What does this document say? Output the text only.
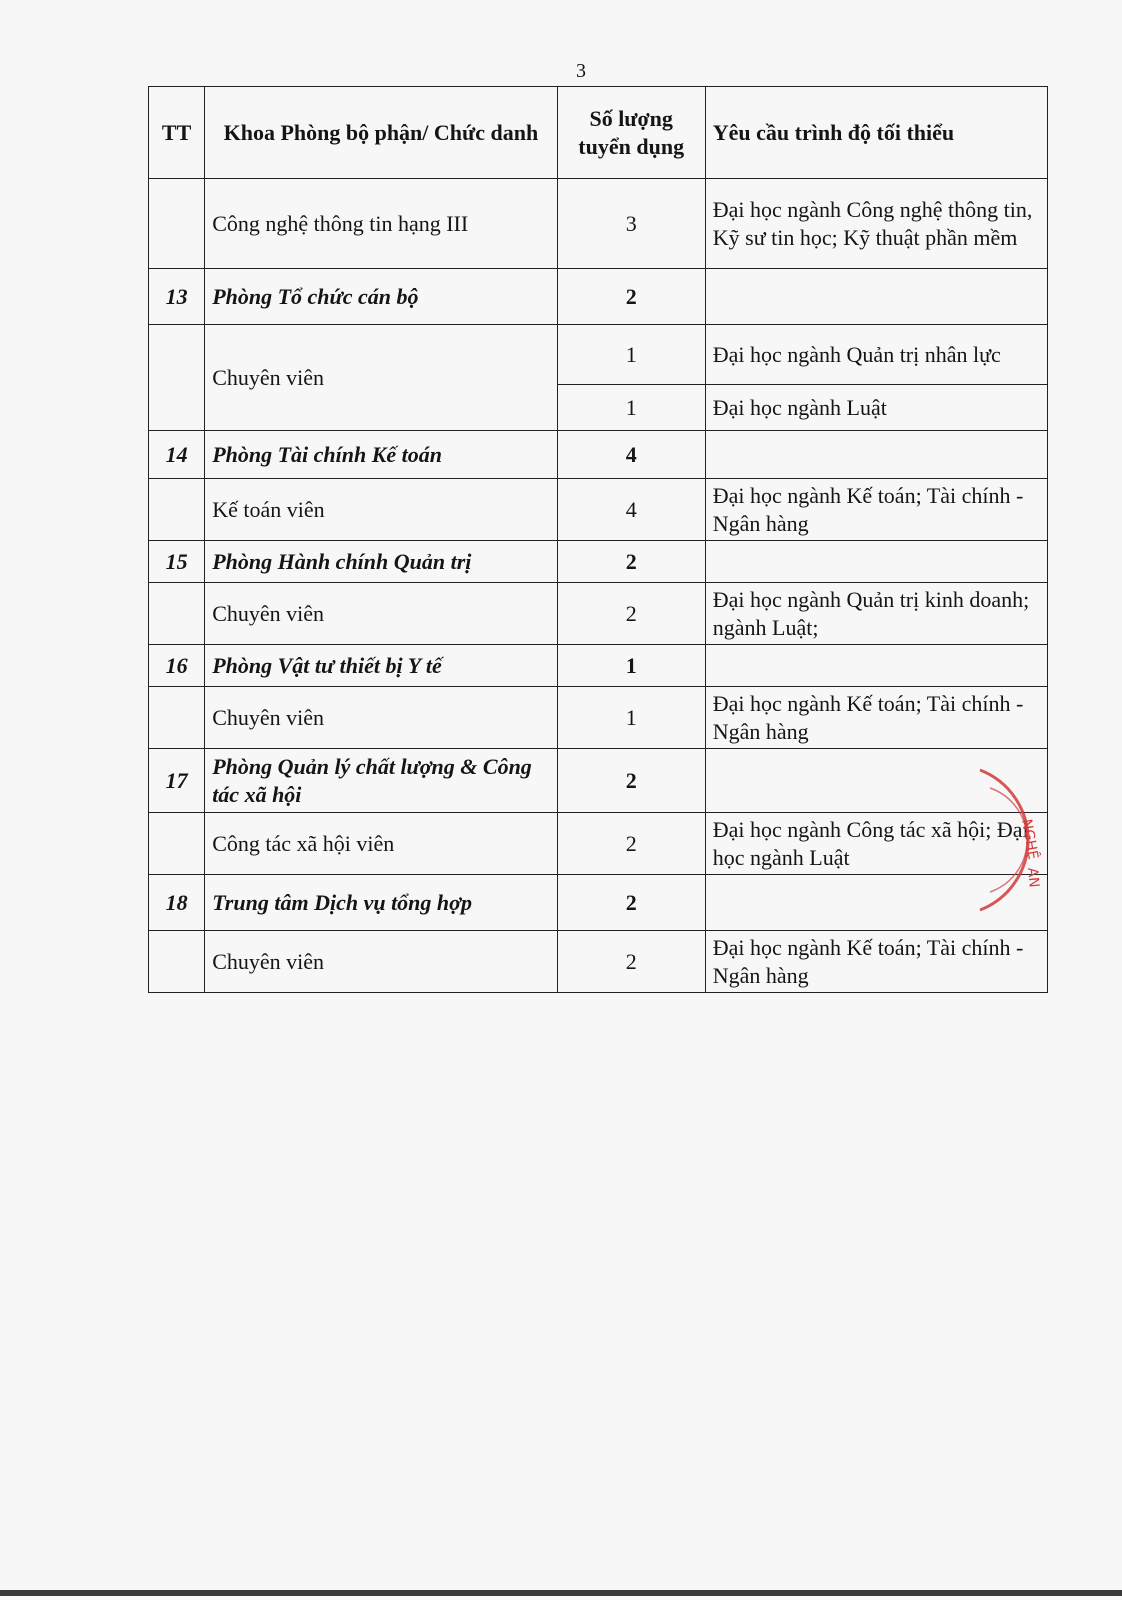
3
TT	Khoa Phòng bộ phận/ Chức danh	Số lượng tuyển dụng	Yêu cầu trình độ tối thiểu
	Công nghệ thông tin hạng III	3	Đại học ngành Công nghệ thông tin, Kỹ sư tin học; Kỹ thuật phần mềm
13	Phòng Tổ chức cán bộ	2	
	Chuyên viên	1	Đại học ngành Quản trị nhân lực
		1	Đại học ngành Luật
14	Phòng Tài chính Kế toán	4	
	Kế toán viên	4	Đại học ngành Kế toán; Tài chính - Ngân hàng
15	Phòng Hành chính Quản trị	2	
	Chuyên viên	2	Đại học ngành Quản trị kinh doanh; ngành Luật;
16	Phòng Vật tư thiết bị Y tế	1	
	Chuyên viên	1	Đại học ngành Kế toán; Tài chính - Ngân hàng
17	Phòng Quản lý chất lượng & Công tác xã hội	2	
	Công tác xã hội viên	2	Đại học ngành Công tác xã hội; Đại học ngành Luật
18	Trung tâm Dịch vụ tổng hợp	2	
	Chuyên viên	2	Đại học ngành Kế toán; Tài chính - Ngân hàng
NGHỆ
AN
